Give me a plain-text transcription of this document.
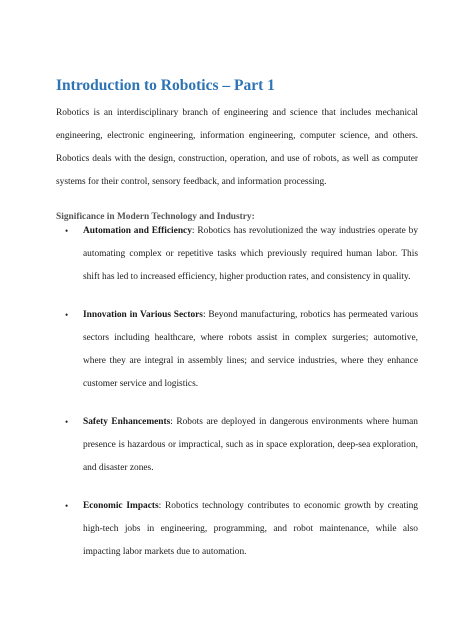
Introduction to Robotics – Part 1

Robotics is an interdisciplinary branch of engineering and science that includes mechanical engineering, electronic engineering, information engineering, computer science, and others. Robotics deals with the design, construction, operation, and use of robots, as well as computer systems for their control, sensory feedback, and information processing.

Significance in Modern Technology and Industry:
• Automation and Efficiency: Robotics has revolutionized the way industries operate by automating complex or repetitive tasks which previously required human labor. This shift has led to increased efficiency, higher production rates, and consistency in quality.
• Innovation in Various Sectors: Beyond manufacturing, robotics has permeated various sectors including healthcare, where robots assist in complex surgeries; automotive, where they are integral in assembly lines; and service industries, where they enhance customer service and logistics.
• Safety Enhancements: Robots are deployed in dangerous environments where human presence is hazardous or impractical, such as in space exploration, deep-sea exploration, and disaster zones.
• Economic Impacts: Robotics technology contributes to economic growth by creating high-tech jobs in engineering, programming, and robot maintenance, while also impacting labor markets due to automation.
